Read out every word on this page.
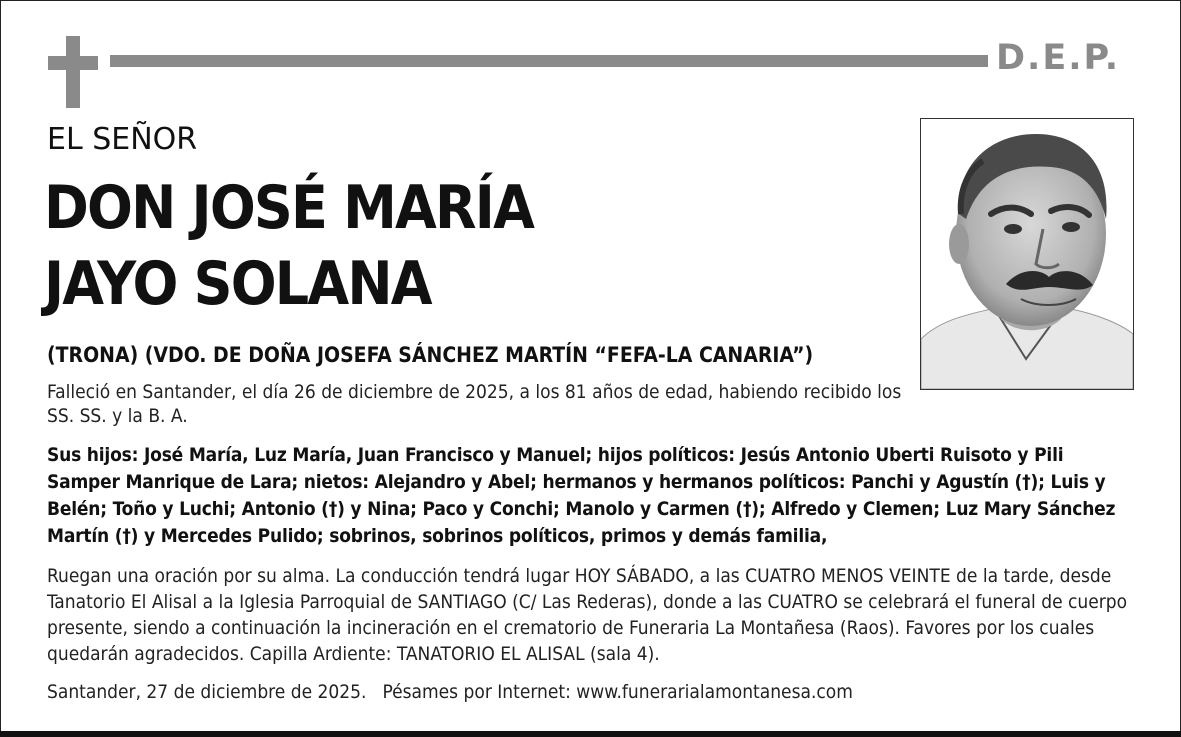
D.E.P.
EL SEÑOR
DON JOSÉ MARÍA
JAYO SOLANA
(TRONA) (VDO. DE DOÑA JOSEFA SÁNCHEZ MARTÍN “FEFA-LA CANARIA”)
Falleció en Santander, el día 26 de diciembre de 2025, a los 81 años de edad, habiendo recibido los SS. SS. y la B. A.
Sus hijos: José María, Luz María, Juan Francisco y Manuel; hijos políticos: Jesús Antonio Uberti Ruisoto y Pili Samper Manrique de Lara; nietos: Alejandro y Abel; hermanos y hermanos políticos: Panchi y Agustín (†); Luis y Belén; Toño y Luchi; Antonio (†) y Nina; Paco y Conchi; Manolo y Carmen (†); Alfredo y Clemen; Luz Mary Sánchez Martín (†) y Mercedes Pulido; sobrinos, sobrinos políticos, primos y demás familia,
Ruegan una oración por su alma. La conducción tendrá lugar HOY SÁBADO, a las CUATRO MENOS VEINTE de la tarde, desde Tanatorio El Alisal a la Iglesia Parroquial de SANTIAGO (C/ Las Rederas), donde a las CUATRO se celebrará el funeral de cuerpo presente, siendo a continuación la incineración en el crematorio de Funeraria La Montañesa (Raos). Favores por los cuales quedarán agradecidos. Capilla Ardiente: TANATORIO EL ALISAL (sala 4).
Santander, 27 de diciembre de 2025. Pésames por Internet: www.funerarialamontanesa.com
